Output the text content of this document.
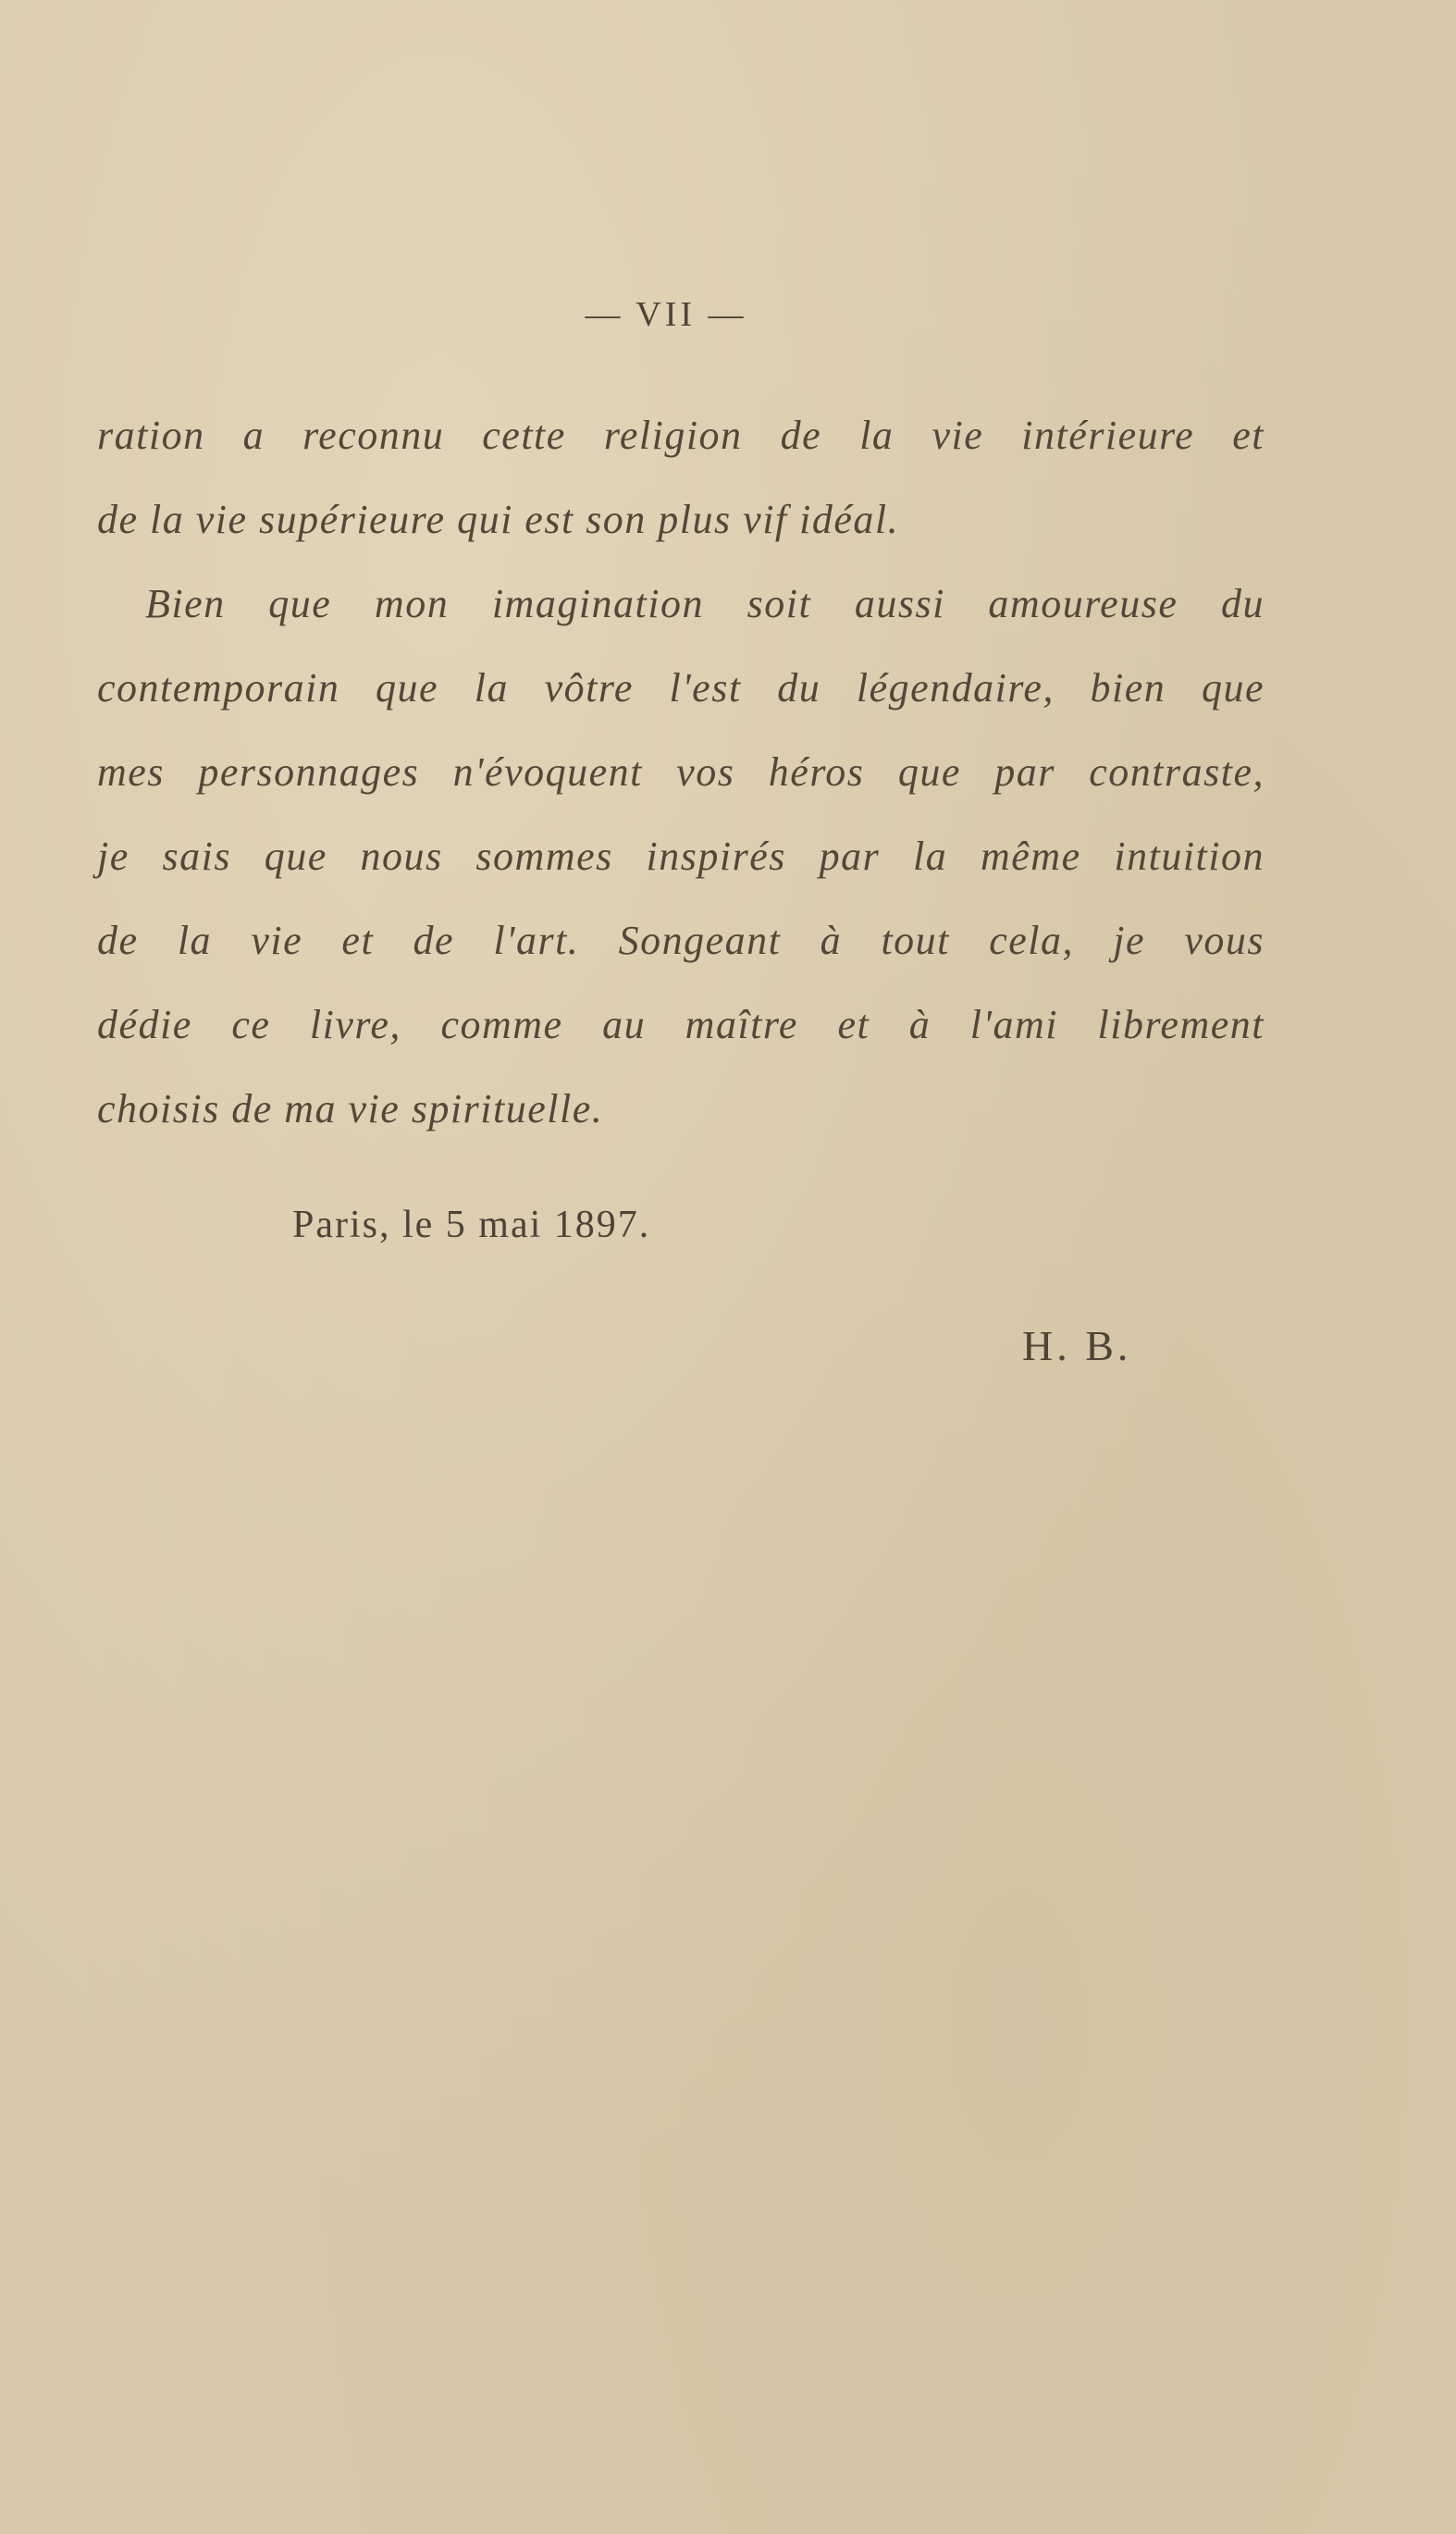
— VII —
ration a reconnu cette religion de la vie intérieure et
de la vie supérieure qui est son plus vif idéal.
Bien que mon imagination soit aussi amoureuse du
contemporain que la vôtre l'est du légendaire, bien que
mes personnages n'évoquent vos héros que par contraste,
je sais que nous sommes inspirés par la même intuition
de la vie et de l'art. Songeant à tout cela, je vous
dédie ce livre, comme au maître et à l'ami librement
choisis de ma vie spirituelle.
Paris, le 5 mai 1897.
H. B.
